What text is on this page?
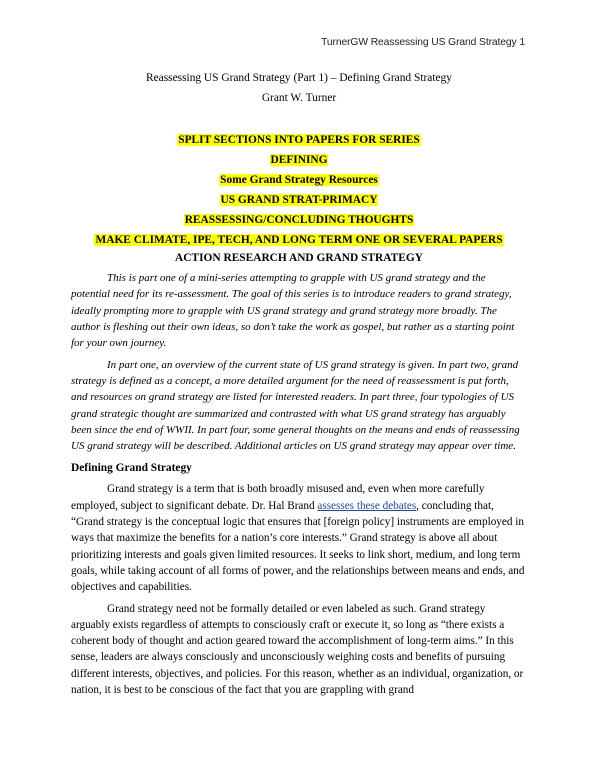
TurnerGW Reassessing US Grand Strategy 1
Reassessing US Grand Strategy (Part 1) – Defining Grand Strategy
Grant W. Turner
SPLIT SECTIONS INTO PAPERS FOR SERIES
DEFINING
Some Grand Strategy Resources
US GRAND STRAT-PRIMACY
REASSESSING/CONCLUDING THOUGHTS
MAKE CLIMATE, IPE, TECH, AND LONG TERM ONE OR SEVERAL PAPERS
ACTION RESEARCH AND GRAND STRATEGY

This is part one of a mini-series attempting to grapple with US grand strategy and the potential need for its re-assessment. The goal of this series is to introduce readers to grand strategy, ideally prompting more to grapple with US grand strategy and grand strategy more broadly. The author is fleshing out their own ideas, so don’t take the work as gospel, but rather as a starting point for your own journey.

In part one, an overview of the current state of US grand strategy is given. In part two, grand strategy is defined as a concept, a more detailed argument for the need of reassessment is put forth, and resources on grand strategy are listed for interested readers. In part three, four typologies of US grand strategic thought are summarized and contrasted with what US grand strategy has arguably been since the end of WWII. In part four, some general thoughts on the means and ends of reassessing US grand strategy will be described. Additional articles on US grand strategy may appear over time.

Defining Grand Strategy

Grand strategy is a term that is both broadly misused and, even when more carefully employed, subject to significant debate. Dr. Hal Brand assesses these debates, concluding that, “Grand strategy is the conceptual logic that ensures that [foreign policy] instruments are employed in ways that maximize the benefits for a nation’s core interests.” Grand strategy is above all about prioritizing interests and goals given limited resources. It seeks to link short, medium, and long term goals, while taking account of all forms of power, and the relationships between means and ends, and objectives and capabilities.

Grand strategy need not be formally detailed or even labeled as such. Grand strategy arguably exists regardless of attempts to consciously craft or execute it, so long as “there exists a coherent body of thought and action geared toward the accomplishment of long-term aims.” In this sense, leaders are always consciously and unconsciously weighing costs and benefits of pursuing different interests, objectives, and policies. For this reason, whether as an individual, organization, or nation, it is best to be conscious of the fact that you are grappling with grand
